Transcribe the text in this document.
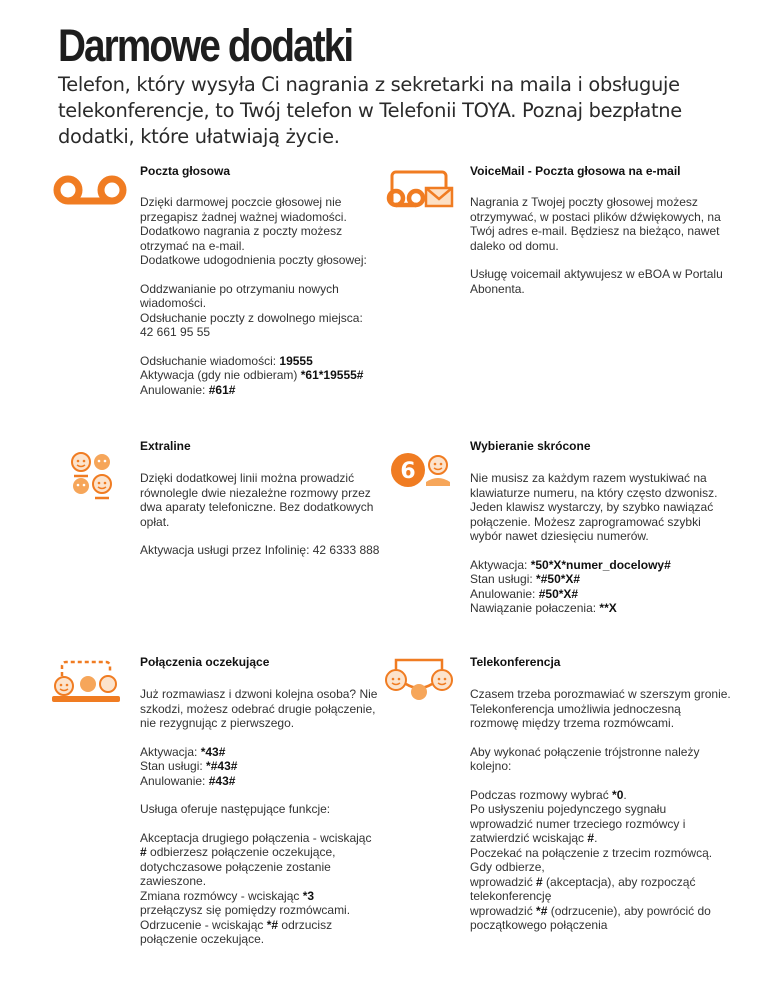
Darmowe dodatki
Telefon, który wysyła Ci nagrania z sekretarki na maila i obsługuje telekonferencje, to Twój telefon w Telefonii TOYA. Poznaj bezpłatne dodatki, które ułatwiają życie.
6
Poczta głosowa

Dzięki darmowej poczcie głosowej nie przegapisz żadnej ważnej wiadomości. Dodatkowo nagrania z poczty możesz otrzymać na e-mail.

Dodatkowe udogodnienia poczty głosowej:

Oddzwanianie po otrzymaniu nowych wiadomości.

Odsłuchanie poczty z dowolnego miejsca: 42 661 95 55

Odsłuchanie wiadomości: 19555

Aktywacja (gdy nie odbieram) *61*19555#

Anulowanie: #61#

VoiceMail - Poczta głosowa na e-mail

Nagrania z Twojej poczty głosowej możesz otrzymywać, w postaci plików dźwiękowych, na Twój adres e-mail. Będziesz na bieżąco, nawet daleko od domu.

Usługę voicemail aktywujesz w eBOA w Portalu Abonenta.

Extraline

Dzięki dodatkowej linii można prowadzić równolegle dwie niezależne rozmowy przez dwa aparaty telefoniczne. Bez dodatkowych opłat.

Aktywacja usługi przez Infolinię: 42 6333 888

Wybieranie skrócone

Nie musisz za każdym razem wystukiwać na klawiaturze numeru, na który często dzwonisz. Jeden klawisz wystarczy, by szybko nawiązać połączenie. Możesz zaprogramować szybki wybór nawet dziesięciu numerów.

Aktywacja: *50*X*numer_docelowy#

Stan usługi: *#50*X#

Anulowanie: #50*X#

Nawiązanie połaczenia: **X

Połączenia oczekujące

Już rozmawiasz i dzwoni kolejna osoba? Nie szkodzi, możesz odebrać drugie połączenie, nie rezygnując z pierwszego.

Aktywacja: *43#

Stan usługi: *#43#

Anulowanie: #43#

Usługa oferuje następujące funkcje:

Akceptacja drugiego połączenia - wciskając # odbierzesz połączenie oczekujące, dotychczasowe połączenie zostanie zawieszone.

Zmiana rozmówcy - wciskając *3 przełączysz się pomiędzy rozmówcami.

Odrzucenie - wciskając *# odrzucisz połączenie oczekujące.

Telekonferencja

Czasem trzeba porozmawiać w szerszym gronie. Telekonferencja umożliwia jednoczesną rozmowę między trzema rozmówcami.

Aby wykonać połączenie trójstronne należy kolejno:

Podczas rozmowy wybrać *0.

Po usłyszeniu pojedynczego sygnału wprowadzić numer trzeciego rozmówcy i zatwierdzić wciskając #.

Poczekać na połączenie z trzecim rozmówcą.

Gdy odbierze,

wprowadzić # (akceptacja), aby rozpocząć telekonferencję

wprowadzić *# (odrzucenie), aby powrócić do początkowego połączenia
